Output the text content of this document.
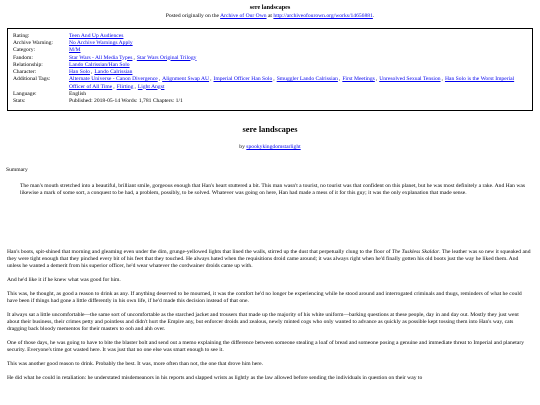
sere landscapes
Posted originally on the Archive of Our Own at http://archiveofourown.org/works/14656881.
Rating:	Teen And Up Audiences
Archive Warning:	No Archive Warnings Apply
Category:	M/M
Fandom:	Star Wars - All Media Types, Star Wars Original Trilogy
Relationship:	Lando Calrissian/Han Solo
Character:	Han Solo, Lando Calrissian
Additional Tags:	Alternate Universe - Canon Divergence, Alignment Swap AU, Imperial Officer Han Solo, Smuggler Lando Calrissian, First Meetings, Unresolved Sexual Tension, Han Solo is the Worst Imperial Officer of All Time, Flirting, Light Angst
Language:	English
Stats:	Published: 2018-05-14 Words: 1,781 Chapters: 1/1
sere landscapes
by spookykingdomstarlight
Summary

The man's mouth stretched into a beautiful, brilliant smile, gorgeous enough that Han's heart stuttered a bit. This man wasn't a tourist, no tourist was that confident on this planet, but he was most definitely a rake. And Han was likewise a mark of some sort, a conquest to be had, a problem, possibly, to be solved. Whatever was going on here, Han had made a mess of it for this guy; it was the only explanation that made sense.

Han's boots, spit-shined that morning and gleaming even under the dim, grunge-yellowed lights that lined the walls, stirred up the dust that perpetually clung to the floor of The Tuskless Skaldar. The leather was so new it squeaked and they were tight enough that they pinched every bit of his feet that they touched. He always hated when the requisitions droid came around; it was always right when he'd finally gotten his old boots just the way he liked them. And unless he wanted a demerit from his superior officer, he'd wear whatever the cordwainer droids came up with.

And he'd like it if he knew what was good for him.

This was, he thought, as good a reason to drink as any. If anything deserved to be mourned, it was the comfort he'd no longer be experiencing while he stood around and interrogated criminals and thugs, reminders of what he could have been if things had gone a little differently in his own life, if he'd made this decision instead of that one.

It always sat a little uncomfortable—the same sort of uncomfortable as the starched jacket and trousers that made up the majority of his white uniform—barking questions at these people, day in and day out. Mostly they just went about their business, their crimes petty and pointless and didn't hurt the Empire any, but enforcer droids and zealous, newly minted cogs who only wanted to advance as quickly as possible kept tossing them into Han's way, cats dragging back bloody mementos for their masters to ooh and ahh over.

One of those days, he was going to have to bite the blaster bolt and send out a memo explaining the difference between someone stealing a loaf of bread and someone posing a genuine and immediate threat to Imperial and planetary security. Everyone's time got wasted here. It was just that no one else was smart enough to see it.

This was another good reason to drink. Probably the best. It was, more often than not, the one that drove him here.

He did what he could in retaliation: he understated misdemeanors in his reports and slapped wrists as lightly as the law allowed before sending the individuals in question on their way to
